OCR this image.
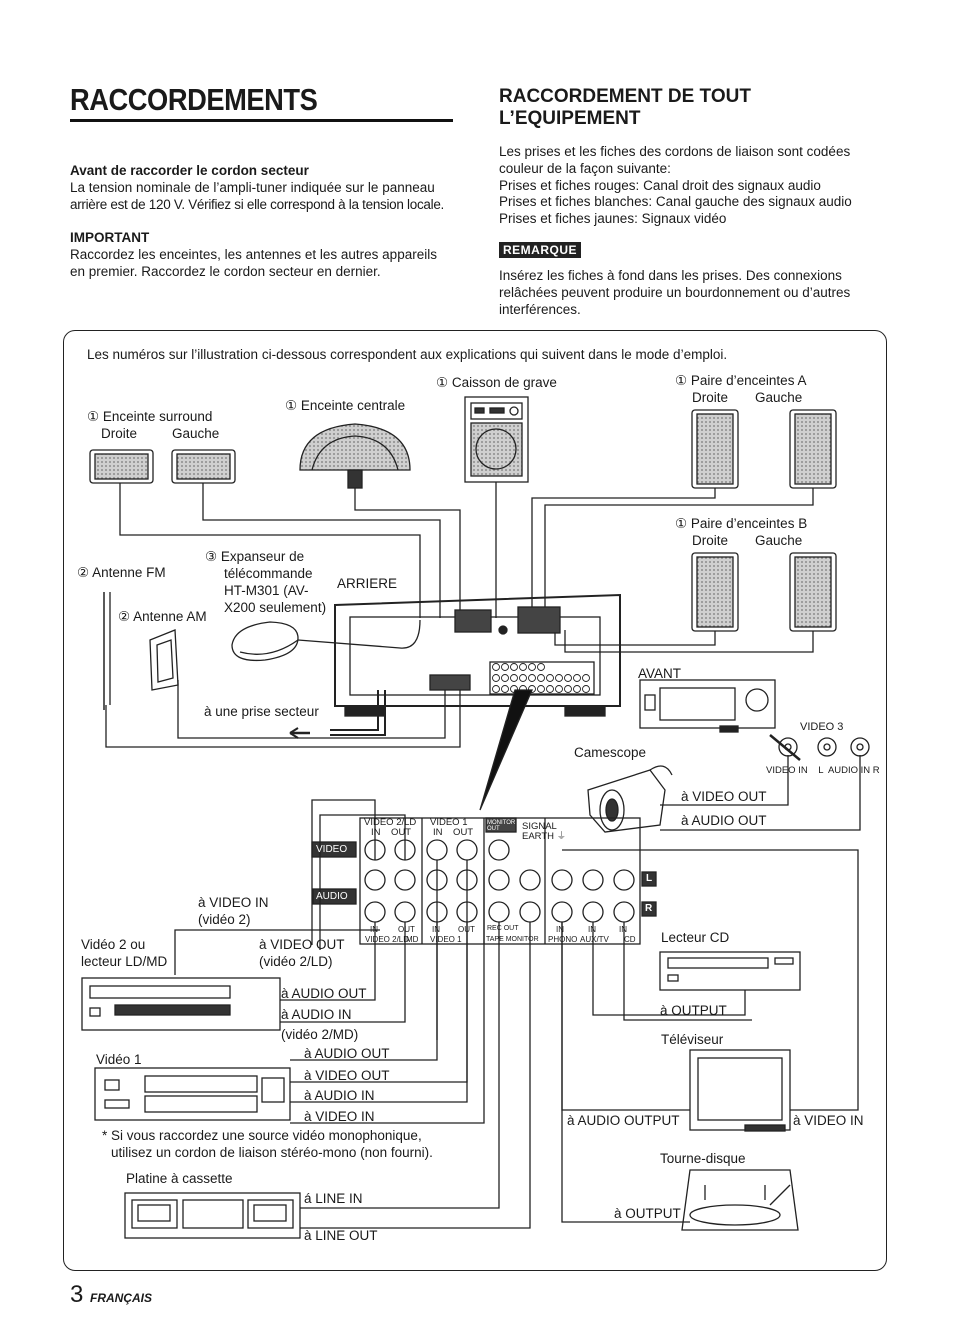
RACCORDEMENTS
Avant de raccorder le cordon secteur
La tension nominale de l’ampli-tuner indiquée sur le panneau
arrière est de 120 V. Vérifiez si elle correspond à la tension locale.
IMPORTANT
Raccordez les enceintes, les antennes et les autres appareils
en premier. Raccordez le cordon secteur en dernier.
RACCORDEMENT DE TOUT
L’EQUIPEMENT
Les prises et les fiches des cordons de liaison sont codées
couleur de la façon suivante:
Prises et fiches rouges: Canal droit des signaux audio
Prises et fiches blanches: Canal gauche des signaux audio
Prises et fiches jaunes: Signaux vidéo
REMARQUE
Insérez les fiches à fond dans les prises. Des connexions
relâchées peuvent produire un bourdonnement ou d’autres
interférences.
Les numéros sur l’illustration ci-dessous correspondent aux explications qui suivent dans le mode d’emploi.
① Caisson de grave	① Paire d’enceintes A
Droite Gauche
① Enceinte centrale
① Enceinte surround
Droite	Gauche
① Paire d’enceintes B
Droite Gauche
③ Expanseur de
télécommande
HT-M301 (AV-
X200 seulement)
② Antenne FM
② Antenne AM
ARRIERE
AVANT
à une prise secteur
VIDEO 3
VIDEO IN    L  AUDIO IN R
Camescope
à VIDEO OUT
à AUDIO OUT
VIDEO 2/LD
IN    OUT
VIDEO 1
IN    OUT
MONITOR OUT	SIGNAL
EARTH ⏚
VIDEO
AUDIO
L
R
VIDEO 2/LD
MD VIDEO 1
REC OUT
TAPE MONITOR PHONO AUX/TV CD
IN	OUT IN OUT	IN	IN	IN
à VIDEO IN
(vidéo 2)
Vidéo 2 ou
lecteur LD/MD
à VIDEO OUT
(vidéo 2/LD)
à AUDIO OUT
à AUDIO IN
(vidéo 2/MD)
Vidéo 1	à AUDIO OUT
à VIDEO OUT
à AUDIO IN
à VIDEO IN
* Si vous raccordez une source vidéo monophonique,
utilisez un cordon de liaison stéréo-mono (non fourni).
Platine à cassette
á LINE IN
à LINE OUT
Lecteur CD
à OUTPUT
Téléviseur
à AUDIO OUTPUT	à VIDEO IN
Tourne-disque
à OUTPUT
3 FRANÇAIS
